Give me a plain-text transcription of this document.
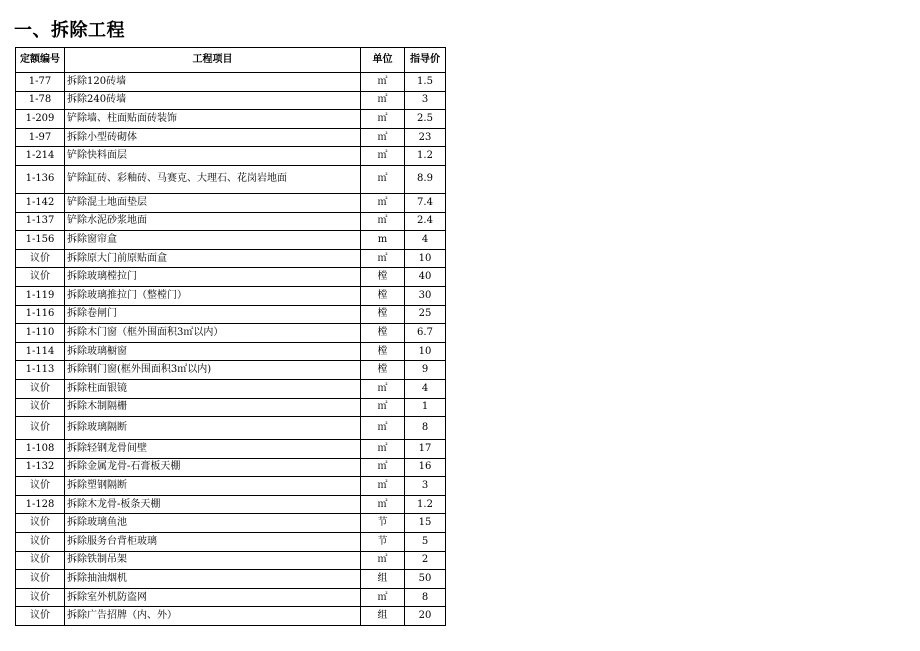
一、拆除工程
定额编号	工程项目	单位	指导价
1-77	拆除120砖墙	㎡	1.5
1-78	拆除240砖墙	㎡	3
1-209	铲除墙、柱面贴面砖装饰	㎡	2.5
1-97	拆除小型砖砌体	㎡	23
1-214	铲除快料面层	㎡	1.2
1-136	铲除缸砖、彩釉砖、马赛克、大理石、花岗岩地面	㎡	8.9
1-142	铲除混土地面垫层	㎡	7.4
1-137	铲除水泥砂浆地面	㎡	2.4
1-156	拆除窗帘盒	m	4
议价	拆除原大门前原贴面盒	㎡	10
议价	拆除玻璃樘拉门	樘	40
1-119	拆除玻璃推拉门（整樘门）	樘	30
1-116	拆除卷闸门	樘	25
1-110	拆除木门窗（框外围面积3㎡以内）	樘	6.7
1-114	拆除玻璃橱窗	樘	10
1-113	拆除钢门窗(框外围面积3㎡以内)	樘	9
议价	拆除柱面银镜	㎡	4
议价	拆除木制隔栅	㎡	1
议价	拆除玻璃隔断	㎡	8
1-108	拆除轻钢龙骨间壁	㎡	17
1-132	拆除金属龙骨-石膏板天棚	㎡	16
议价	拆除塑钢隔断	㎡	3
1-128	拆除木龙骨-板条天棚	㎡	1.2
议价	拆除玻璃鱼池	节	15
议价	拆除服务台背柜玻璃	节	5
议价	拆除铁制吊架	㎡	2
议价	拆除抽油烟机	组	50
议价	拆除室外机防盗网	㎡	8
议价	拆除广告招牌（内、外）	组	20
